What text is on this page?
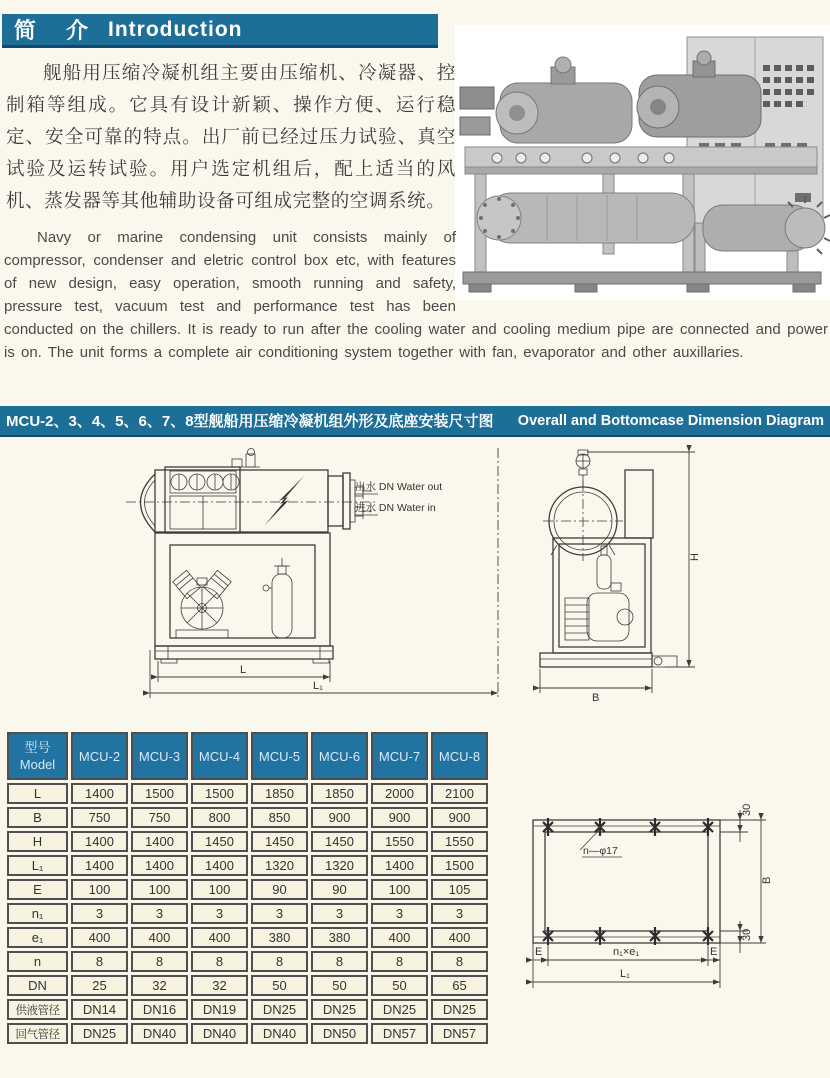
简　介 Introduction

舰船用压缩冷凝机组主要由压缩机、冷凝器、控制箱等组成。它具有设计新颖、操作方便、运行稳定、安全可靠的特点。出厂前已经过压力试验、真空试验及运转试验。用户选定机组后，配上适当的风机、蒸发器等其他辅助设备可组成完整的空调系统。

Navy or marine condensing unit consists mainly of compressor, condenser and eletric control box etc, with features of new design, easy operation, smooth running and safety, pressure test, vacuum test and performance test has been conducted on the chillers. It is ready to run after the cooling water and cooling medium pipe are connected and power is on. The unit forms a complete air conditioning system together with fan, evaporator and other auxillaries.
MCU-2、3、4、5、6、7、8型舰船用压缩冷凝机组外形及底座安装尺寸图 Overall and Bottomcase Dimension Diagram
出水 DN Water out
进水 DN Water in
L
L₁
H
B
型号
Model	MCU-2	MCU-3	MCU-4	MCU-5	MCU-6	MCU-7	MCU-8
L	1400	1500	1500	1850	1850	2000	2100
B	750	750	800	850	900	900	900
H	1400	1400	1450	1450	1450	1550	1550
L₁	1400	1400	1400	1320	1320	1400	1500
E	100	100	100	90	90	100	105
n₁	3	3	3	3	3	3	3
e₁	400	400	400	380	380	400	400
n	8	8	8	8	8	8	8
DN	25	32	32	50	50	50	65
供液管径	DN14	DN16	DN19	DN25	DN25	DN25	DN25
回气管径	DN25	DN40	DN40	DN40	DN50	DN57	DN57
n—φ17
30
B
30
E	n₁×e₁	E
L₁
